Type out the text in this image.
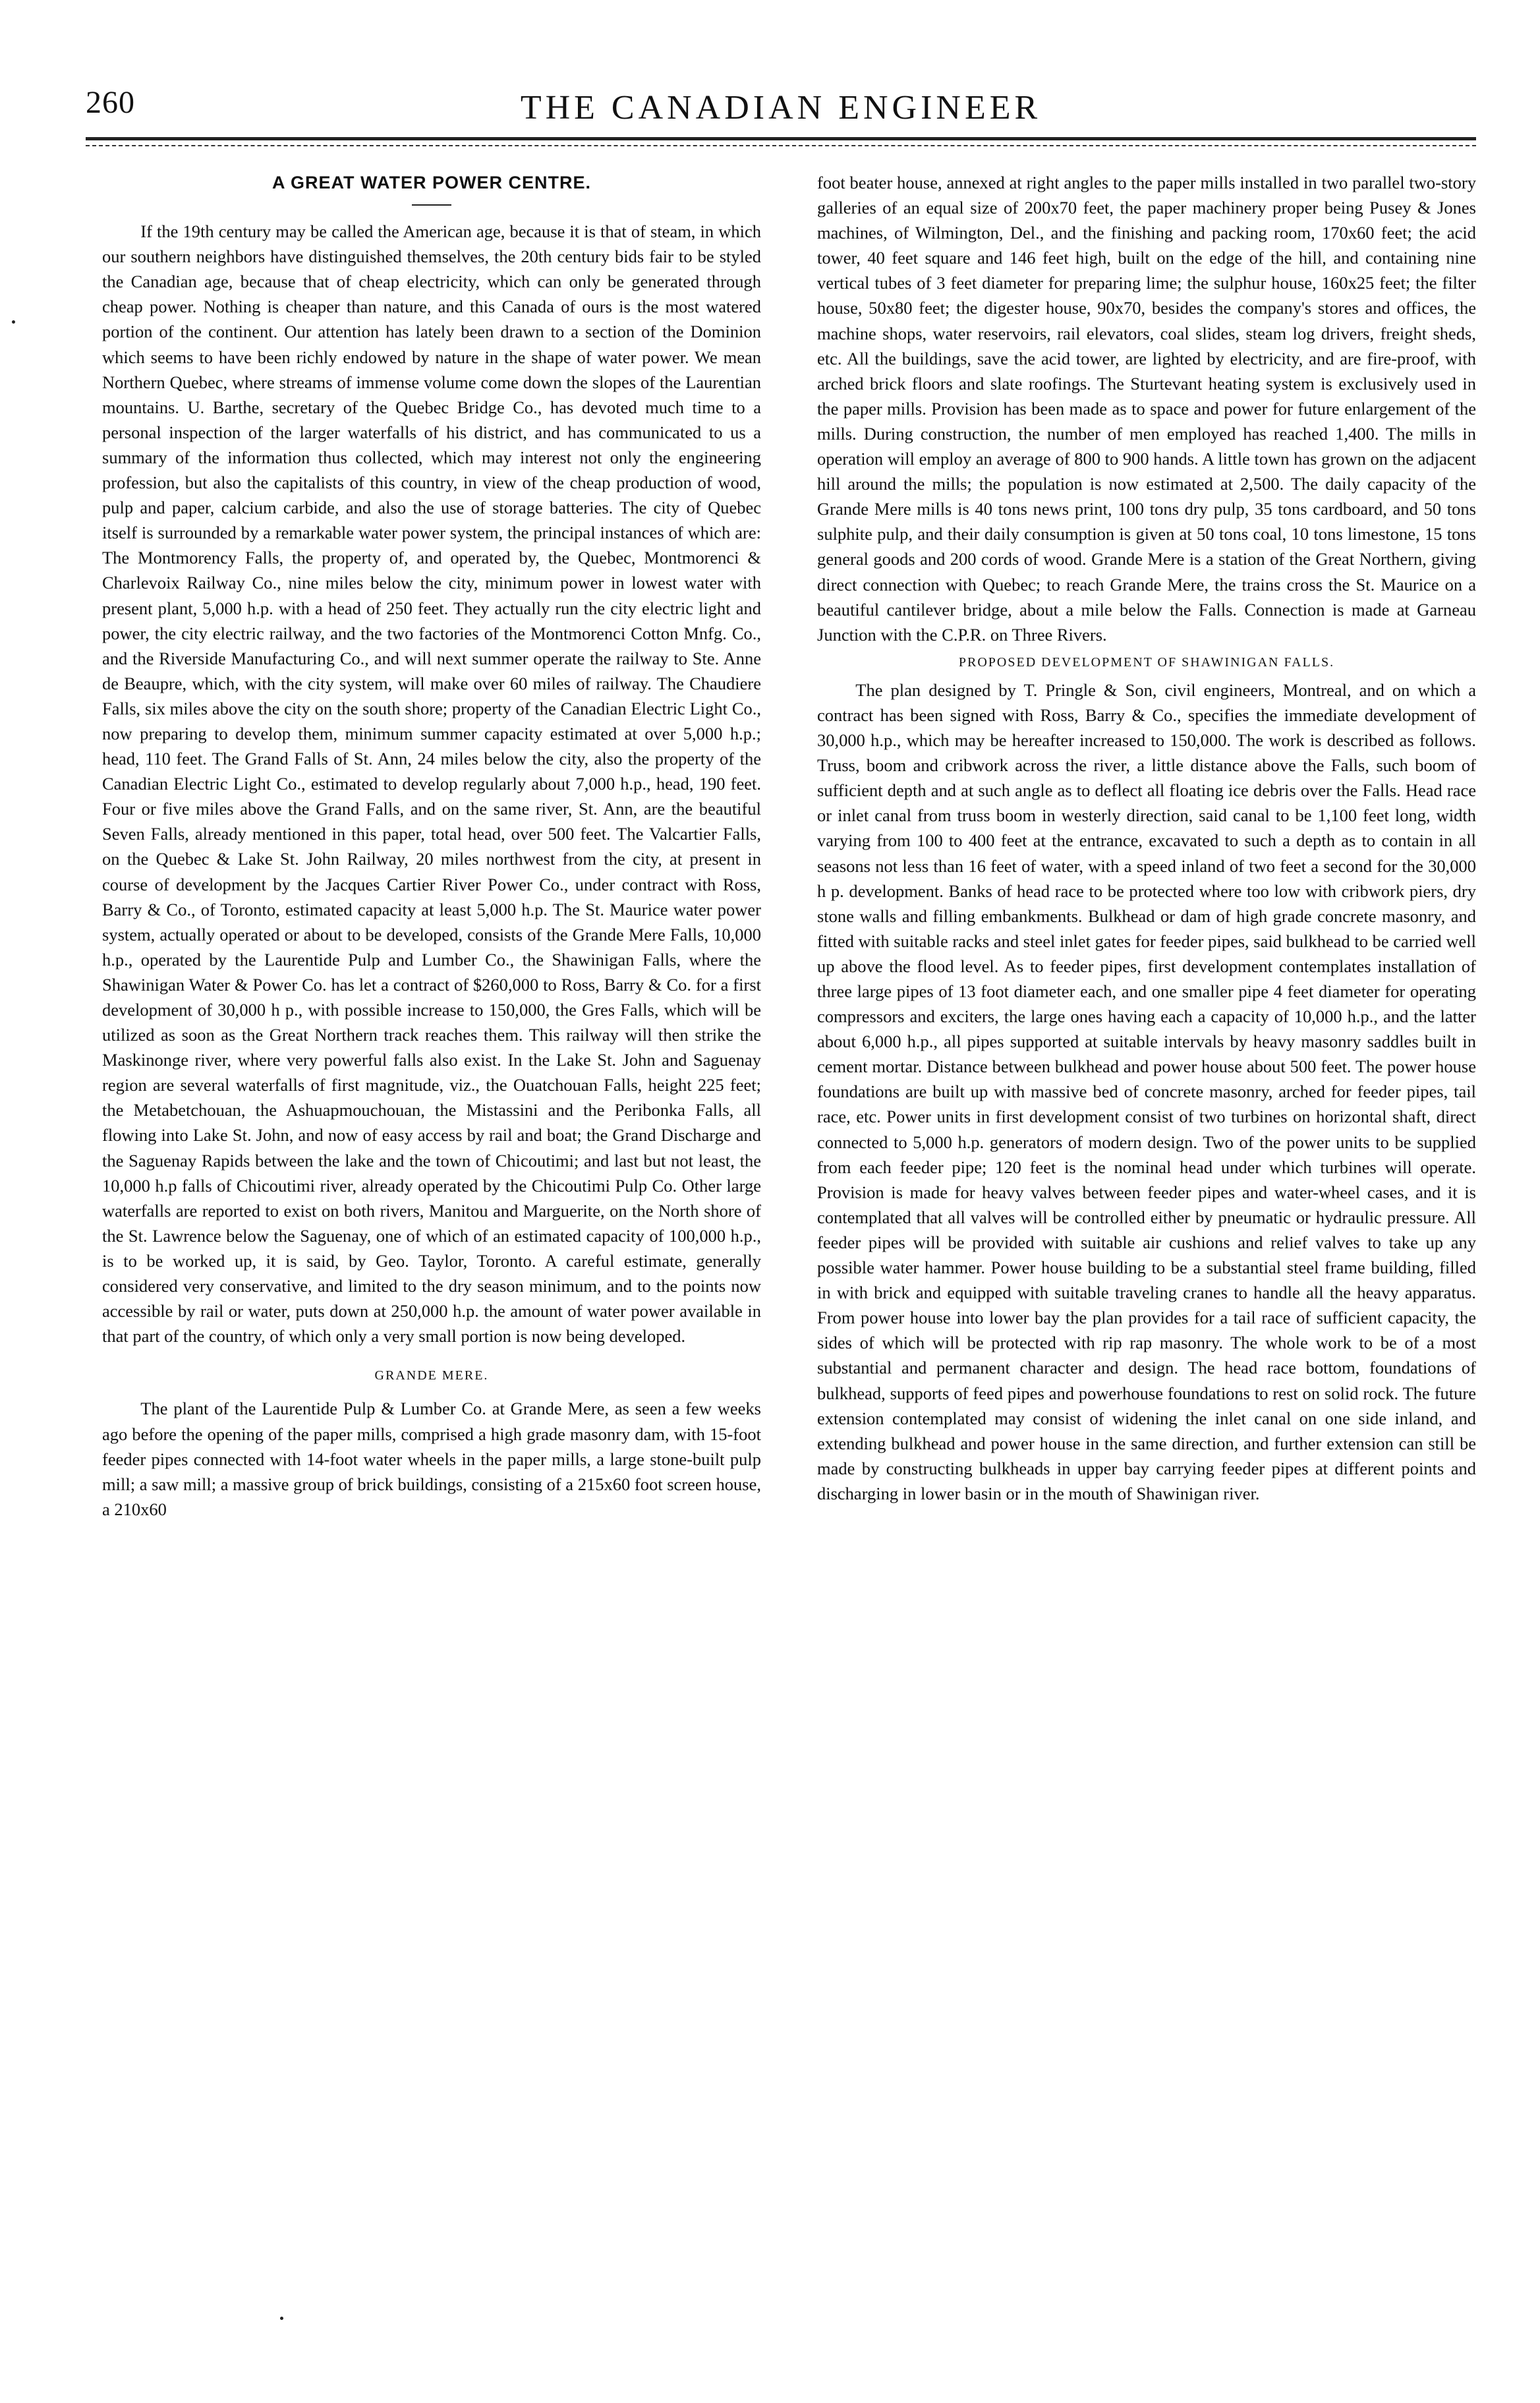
260	THE CANADIAN ENGINEER
A GREAT WATER POWER CENTRE.

If the 19th century may be called the American age, because it is that of steam, in which our southern neighbors have distinguished themselves, the 20th century bids fair to be styled the Canadian age, because that of cheap electricity, which can only be generated through cheap power. Nothing is cheaper than nature, and this Canada of ours is the most watered portion of the continent. Our attention has lately been drawn to a section of the Dominion which seems to have been richly endowed by nature in the shape of water power. We mean Northern Quebec, where streams of immense volume come down the slopes of the Laurentian mountains. U. Barthe, secretary of the Quebec Bridge Co., has devoted much time to a personal inspection of the larger waterfalls of his district, and has communicated to us a summary of the information thus collected, which may interest not only the engineering profession, but also the capitalists of this country, in view of the cheap production of wood, pulp and paper, calcium carbide, and also the use of storage batteries. The city of Quebec itself is surrounded by a remarkable water power system, the principal instances of which are: The Montmorency Falls, the property of, and operated by, the Quebec, Montmorenci & Charlevoix Railway Co., nine miles below the city, minimum power in lowest water with present plant, 5,000 h.p. with a head of 250 feet. They actually run the city electric light and power, the city electric railway, and the two factories of the Montmorenci Cotton Mnfg. Co., and the Riverside Manufacturing Co., and will next summer operate the railway to Ste. Anne de Beaupre, which, with the city system, will make over 60 miles of railway. The Chaudiere Falls, six miles above the city on the south shore; property of the Canadian Electric Light Co., now preparing to develop them, minimum summer capacity estimated at over 5,000 h.p.; head, 110 feet. The Grand Falls of St. Ann, 24 miles below the city, also the property of the Canadian Electric Light Co., estimated to develop regularly about 7,000 h.p., head, 190 feet. Four or five miles above the Grand Falls, and on the same river, St. Ann, are the beautiful Seven Falls, already mentioned in this paper, total head, over 500 feet. The Valcartier Falls, on the Quebec & Lake St. John Railway, 20 miles northwest from the city, at present in course of development by the Jacques Cartier River Power Co., under contract with Ross, Barry & Co., of Toronto, estimated capacity at least 5,000 h.p. The St. Maurice water power system, actually operated or about to be developed, consists of the Grande Mere Falls, 10,000 h.p., operated by the Laurentide Pulp and Lumber Co., the Shawinigan Falls, where the Shawinigan Water & Power Co. has let a contract of $260,000 to Ross, Barry & Co. for a first development of 30,000 h p., with possible increase to 150,000, the Gres Falls, which will be utilized as soon as the Great Northern track reaches them. This railway will then strike the Maskinonge river, where very powerful falls also exist. In the Lake St. John and Saguenay region are several waterfalls of first magnitude, viz., the Ouatchouan Falls, height 225 feet; the Metabetchouan, the Ashuapmouchouan, the Mistassini and the Peribonka Falls, all flowing into Lake St. John, and now of easy access by rail and boat; the Grand Discharge and the Saguenay Rapids between the lake and the town of Chicoutimi; and last but not least, the 10,000 h.p falls of Chicoutimi river, already operated by the Chicoutimi Pulp Co. Other large waterfalls are reported to exist on both rivers, Manitou and Marguerite, on the North shore of the St. Lawrence below the Saguenay, one of which of an estimated capacity of 100,000 h.p., is to be worked up, it is said, by Geo. Taylor, Toronto. A careful estimate, generally considered very conservative, and limited to the dry season minimum, and to the points now accessible by rail or water, puts down at 250,000 h.p. the amount of water power available in that part of the country, of which only a very small portion is now being developed.

GRANDE MERE.

The plant of the Laurentide Pulp & Lumber Co. at Grande Mere, as seen a few weeks ago before the opening of the paper mills, comprised a high grade masonry dam, with 15-foot feeder pipes connected with 14-foot water wheels in the paper mills, a large stone-built pulp mill; a saw mill; a massive group of brick buildings, consisting of a 215x60 foot screen house, a 210x60

foot beater house, annexed at right angles to the paper mills installed in two parallel two-story galleries of an equal size of 200x70 feet, the paper machinery proper being Pusey & Jones machines, of Wilmington, Del., and the finishing and packing room, 170x60 feet; the acid tower, 40 feet square and 146 feet high, built on the edge of the hill, and containing nine vertical tubes of 3 feet diameter for preparing lime; the sulphur house, 160x25 feet; the filter house, 50x80 feet; the digester house, 90x70, besides the company's stores and offices, the machine shops, water reservoirs, rail elevators, coal slides, steam log drivers, freight sheds, etc. All the buildings, save the acid tower, are lighted by electricity, and are fire-proof, with arched brick floors and slate roofings. The Sturtevant heating system is exclusively used in the paper mills. Provision has been made as to space and power for future enlargement of the mills. During construction, the number of men employed has reached 1,400. The mills in operation will employ an average of 800 to 900 hands. A little town has grown on the adjacent hill around the mills; the population is now estimated at 2,500. The daily capacity of the Grande Mere mills is 40 tons news print, 100 tons dry pulp, 35 tons cardboard, and 50 tons sulphite pulp, and their daily consumption is given at 50 tons coal, 10 tons limestone, 15 tons general goods and 200 cords of wood. Grande Mere is a station of the Great Northern, giving direct connection with Quebec; to reach Grande Mere, the trains cross the St. Maurice on a beautiful cantilever bridge, about a mile below the Falls. Connection is made at Garneau Junction with the C.P.R. on Three Rivers.

PROPOSED DEVELOPMENT OF SHAWINIGAN FALLS.

The plan designed by T. Pringle & Son, civil engineers, Montreal, and on which a contract has been signed with Ross, Barry & Co., specifies the immediate development of 30,000 h.p., which may be hereafter increased to 150,000. The work is described as follows. Truss, boom and cribwork across the river, a little distance above the Falls, such boom of sufficient depth and at such angle as to deflect all floating ice debris over the Falls. Head race or inlet canal from truss boom in westerly direction, said canal to be 1,100 feet long, width varying from 100 to 400 feet at the entrance, excavated to such a depth as to contain in all seasons not less than 16 feet of water, with a speed inland of two feet a second for the 30,000 h p. development. Banks of head race to be protected where too low with cribwork piers, dry stone walls and filling embankments. Bulkhead or dam of high grade concrete masonry, and fitted with suitable racks and steel inlet gates for feeder pipes, said bulkhead to be carried well up above the flood level. As to feeder pipes, first development contemplates installation of three large pipes of 13 foot diameter each, and one smaller pipe 4 feet diameter for operating compressors and exciters, the large ones having each a capacity of 10,000 h.p., and the latter about 6,000 h.p., all pipes supported at suitable intervals by heavy masonry saddles built in cement mortar. Distance between bulkhead and power house about 500 feet. The power house foundations are built up with massive bed of concrete masonry, arched for feeder pipes, tail race, etc. Power units in first development consist of two turbines on horizontal shaft, direct connected to 5,000 h.p. generators of modern design. Two of the power units to be supplied from each feeder pipe; 120 feet is the nominal head under which turbines will operate. Provision is made for heavy valves between feeder pipes and water-wheel cases, and it is contemplated that all valves will be controlled either by pneumatic or hydraulic pressure. All feeder pipes will be provided with suitable air cushions and relief valves to take up any possible water hammer. Power house building to be a substantial steel frame building, filled in with brick and equipped with suitable traveling cranes to handle all the heavy apparatus. From power house into lower bay the plan provides for a tail race of sufficient capacity, the sides of which will be protected with rip rap masonry. The whole work to be of a most substantial and permanent character and design. The head race bottom, foundations of bulkhead, supports of feed pipes and powerhouse foundations to rest on solid rock. The future extension contemplated may consist of widening the inlet canal on one side inland, and extending bulkhead and power house in the same direction, and further extension can still be made by constructing bulkheads in upper bay carrying feeder pipes at different points and discharging in lower basin or in the mouth of Shawinigan river.
